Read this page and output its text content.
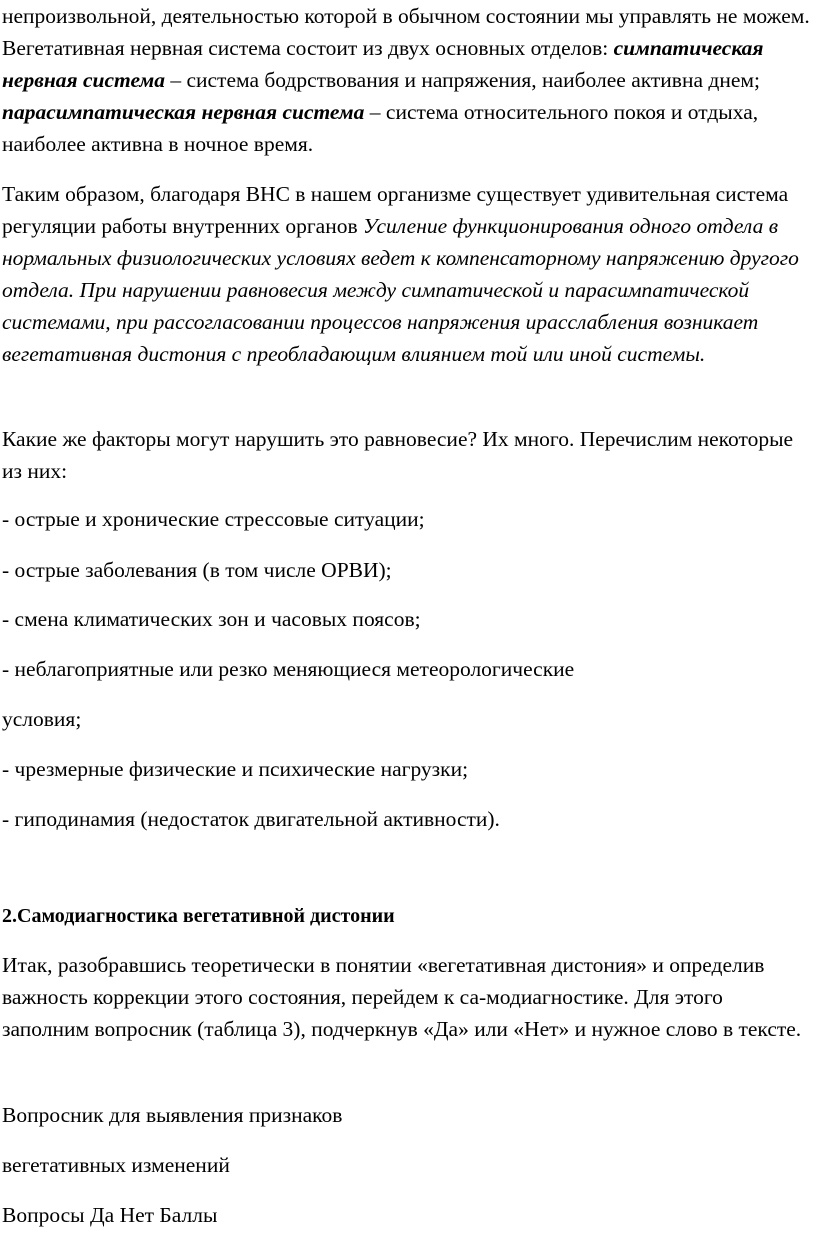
непроизвольной, деятельностью которой в обычном состоянии мы управлять не можем. Вегетативная нервная система состоит из двух основных отделов: симпатическая нервная система – система бодрствования и напряжения, наиболее активна днем; парасимпатическая нервная система – система относительного покоя и отдыха, наиболее активна в ночное время.

Таким образом, благодаря ВНС в нашем организме существует удивительная система регуляции работы внутренних органов Усиление функционирования одного отдела в нормальных физиологических условиях ведет к компенсаторному напряжению другого отдела. При нарушении равновесия между симпатической и парасимпатической системами, при рассогласовании процессов напряжения ирасслабления возникает вегетативная дистония с преобладающим влиянием той или иной системы.

Какие же факторы могут нарушить это равновесие? Их много. Перечислим некоторые из них:

- острые и хронические стрессовые ситуации;

- острые заболевания (в том числе ОРВИ);

- смена климатических зон и часовых поясов;

- неблагоприятные или резко меняющиеся метеорологические

условия;

- чрезмерные физические и психические нагрузки;

- гиподинамия (недостаток двигательной активности).

2.Самодиагностика вегетативной дистонии

Итак, разобравшись теоретически в понятии «вегетативная дистония» и определив важность коррекции этого состояния, перейдем к са-модиагностике. Для этого заполним вопросник (таблица 3), подчеркнув «Да» или «Нет» и нужное слово в тексте.

Вопросник для выявления признаков

вегетативных изменений

Вопросы Да Нет Баллы
